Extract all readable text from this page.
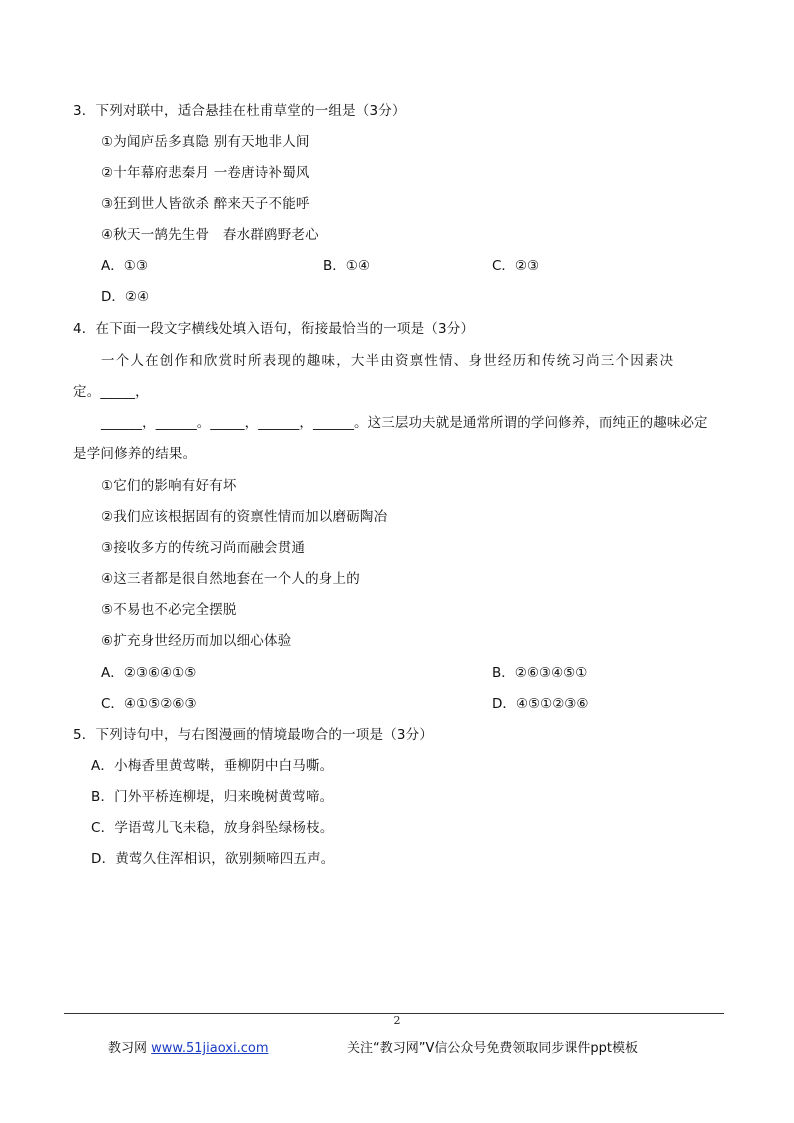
3．下列对联中，适合悬挂在杜甫草堂的一组是（3分）
①为闻庐岳多真隐 别有天地非人间
②十年幕府悲秦月 一卷唐诗补蜀风
③狂到世人皆欲杀 醉来天子不能呼
④秋天一鹄先生骨　春水群鸥野老心
A．①③	B．①④	C．②③
D．②④
4．在下面一段文字横线处填入语句，衔接最恰当的一项是（3分）
一个人在创作和欣赏时所表现的趣味，大半由资禀性情、身世经历和传统习尚三个因素决
定。_____，
______，______。_____，______，______。这三层功夫就是通常所谓的学问修养，而纯正的趣味必定
是学问修养的结果。
①它们的影响有好有坏
②我们应该根据固有的资禀性情而加以磨砺陶冶
③接收多方的传统习尚而融会贯通
④这三者都是很自然地套在一个人的身上的
⑤不易也不必完全摆脱
⑥扩充身世经历而加以细心体验
A．②③⑥④①⑤	B．②⑥③④⑤①
C．④①⑤②⑥③	D．④⑤①②③⑥
5．下列诗句中，与右图漫画的情境最吻合的一项是（3分）
A．小梅香里黄莺啭，垂柳阴中白马嘶。
B．门外平桥连柳堤，归来晚树黄莺啼。
C．学语莺儿飞未稳，放身斜坠绿杨枝。
D．黄莺久住浑相识，欲别频啼四五声。
2
教习网 www.51jiaoxi.com	关注“教习网”V信公众号免费领取同步课件ppt模板
